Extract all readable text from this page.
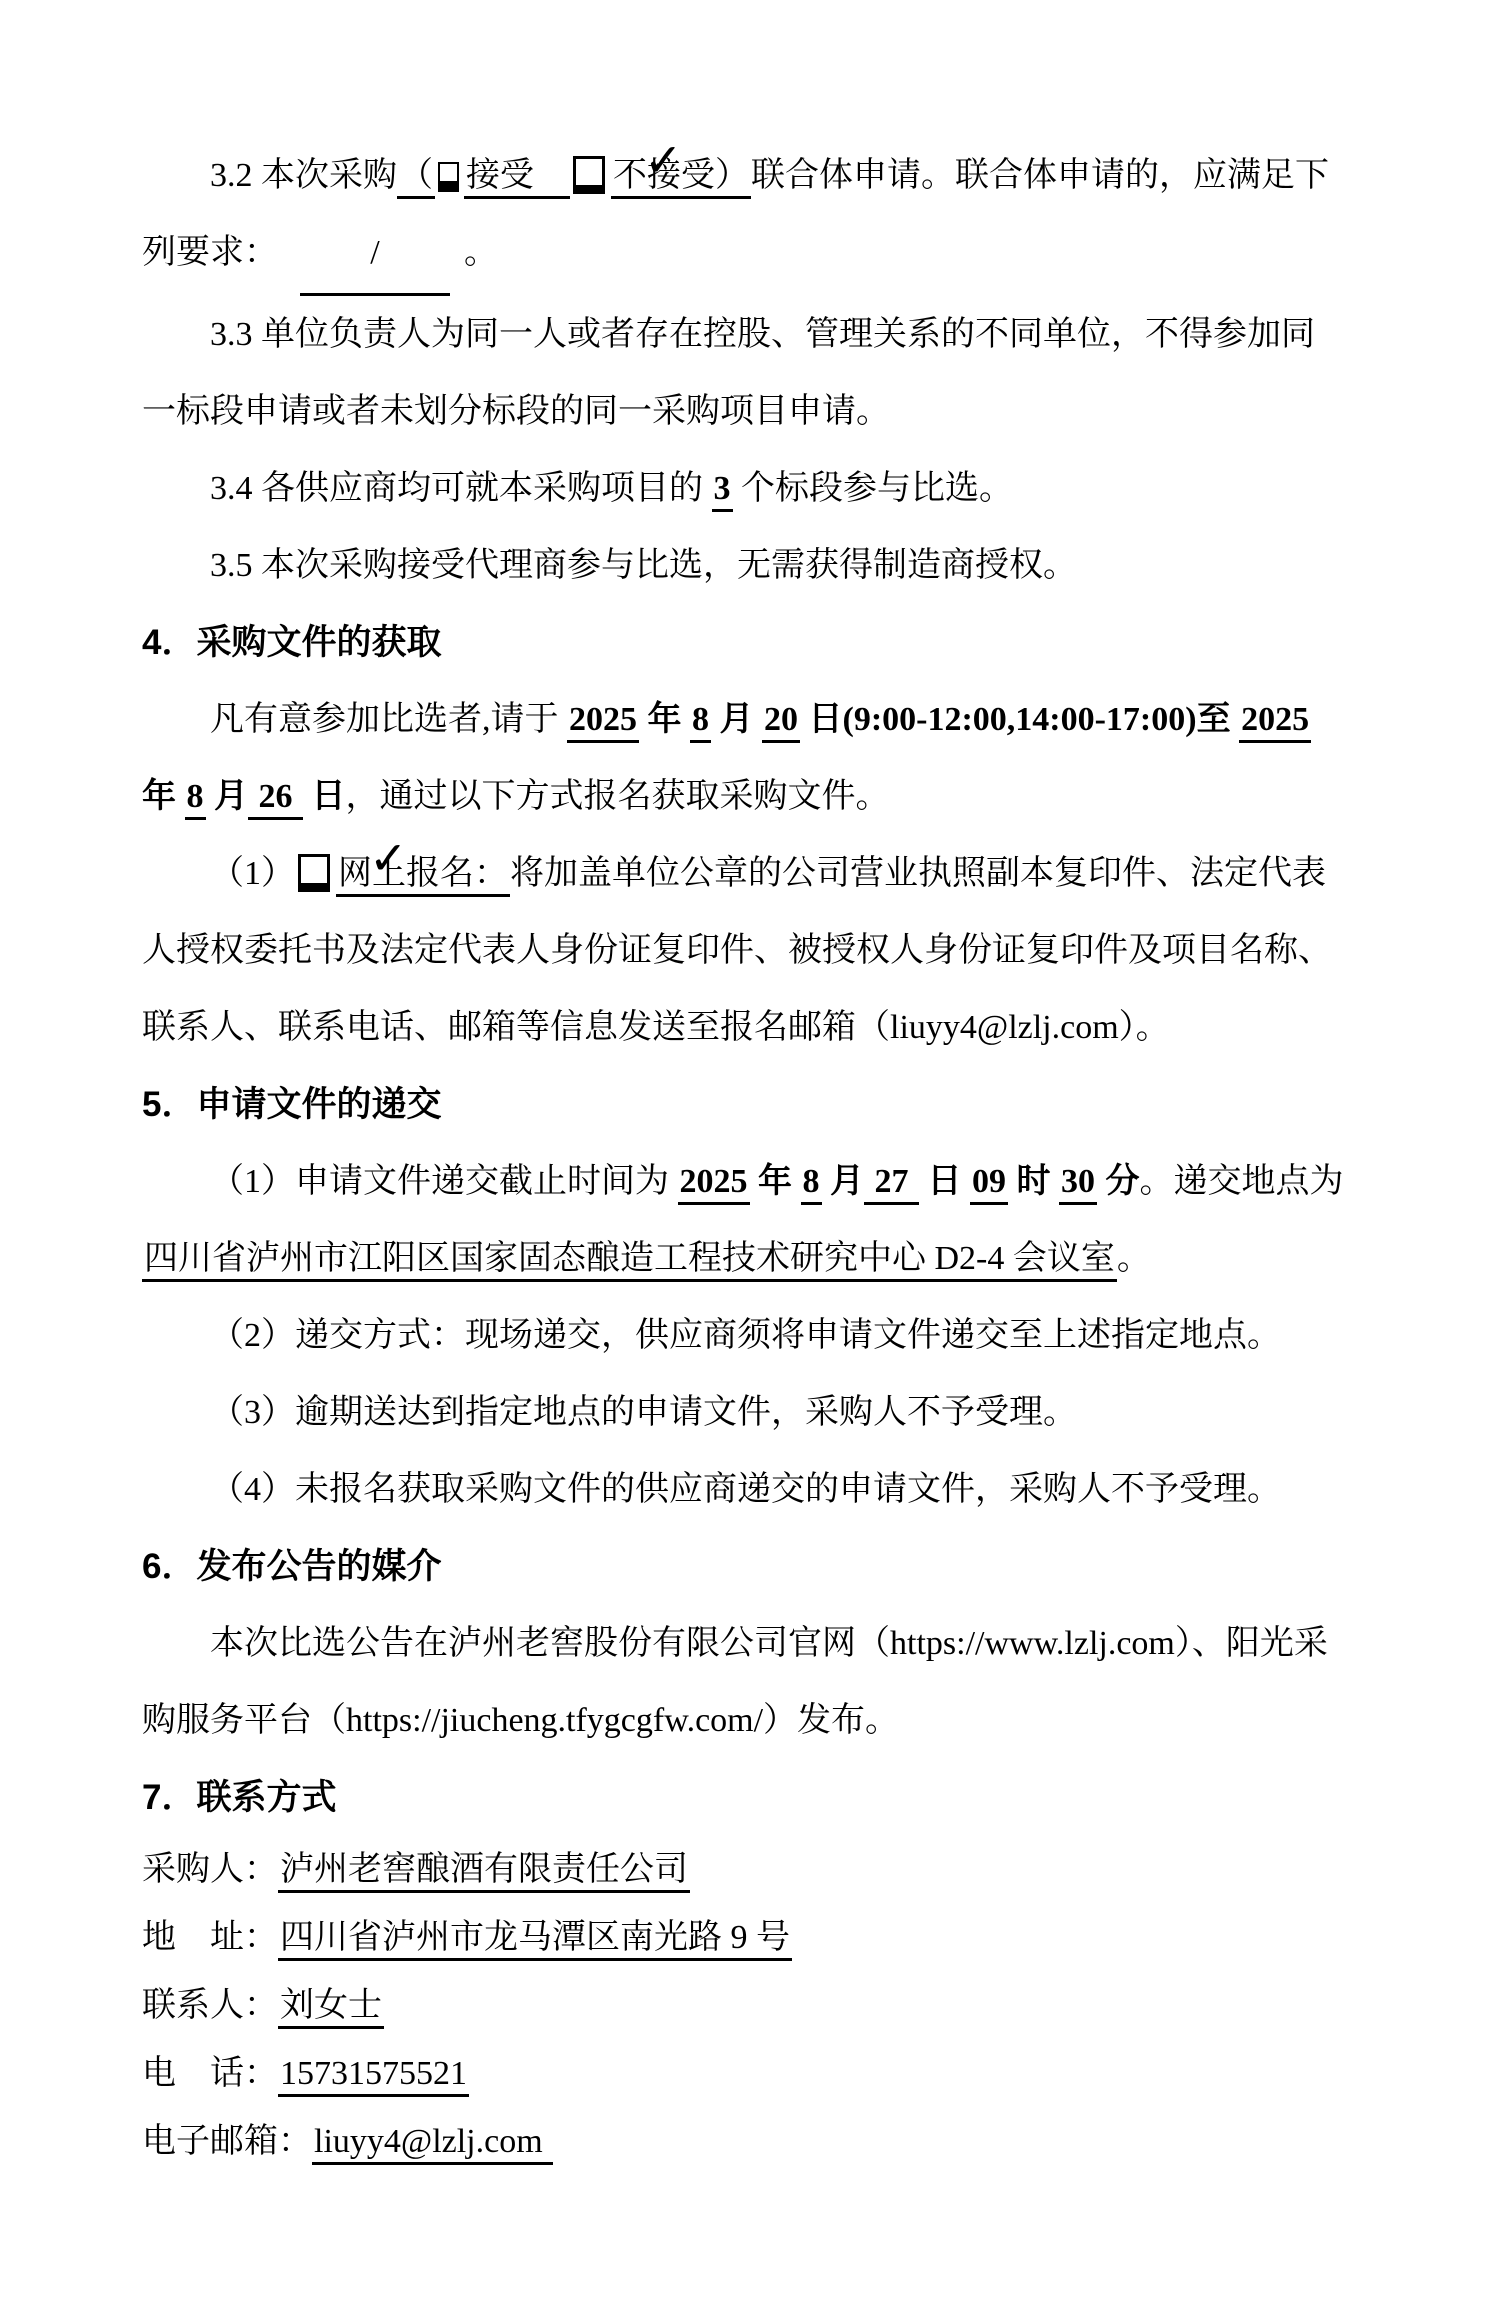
3.2 本次采购（ 接受　 ✓不接受）联合体申请。联合体申请的，应满足下

列要求：	/ 。

3.3 单位负责人为同一人或者存在控股、管理关系的不同单位，不得参加同

一标段申请或者未划分标段的同一采购项目申请。

3.4 各供应商均可就本采购项目的 3 个标段参与比选。

3.5 本次采购接受代理商参与比选，无需获得制造商授权。

4．采购文件的获取

凡有意参加比选者,请于 2025 年 8 月 20 日(9:00-12:00,14:00-17:00)至 2025

年 8 月 26  日，通过以下方式报名获取采购文件。

（1） ✓ 网上报名：将加盖单位公章的公司营业执照副本复印件、法定代表

人授权委托书及法定代表人身份证复印件、被授权人身份证复印件及项目名称、

联系人、联系电话、邮箱等信息发送至报名邮箱（liuyy4@lzlj.com）。

5．申请文件的递交

（1）申请文件递交截止时间为 2025 年 8 月 27  日 09 时 30 分。递交地点为

四川省泸州市江阳区国家固态酿造工程技术研究中心 D2-4 会议室。

（2）递交方式：现场递交，供应商须将申请文件递交至上述指定地点。

（3）逾期送达到指定地点的申请文件，采购人不予受理。

（4）未报名获取采购文件的供应商递交的申请文件，采购人不予受理。

6．发布公告的媒介

本次比选公告在泸州老窖股份有限公司官网（https://www.lzlj.com）、阳光采

购服务平台（https://jiucheng.tfygcgfw.com/）发布。

7．联系方式

采购人：泸州老窖酿酒有限责任公司

地　址：四川省泸州市龙马潭区南光路 9 号

联系人：刘女士

电　话：15731575521

电子邮箱：liuyy4@lzlj.com
